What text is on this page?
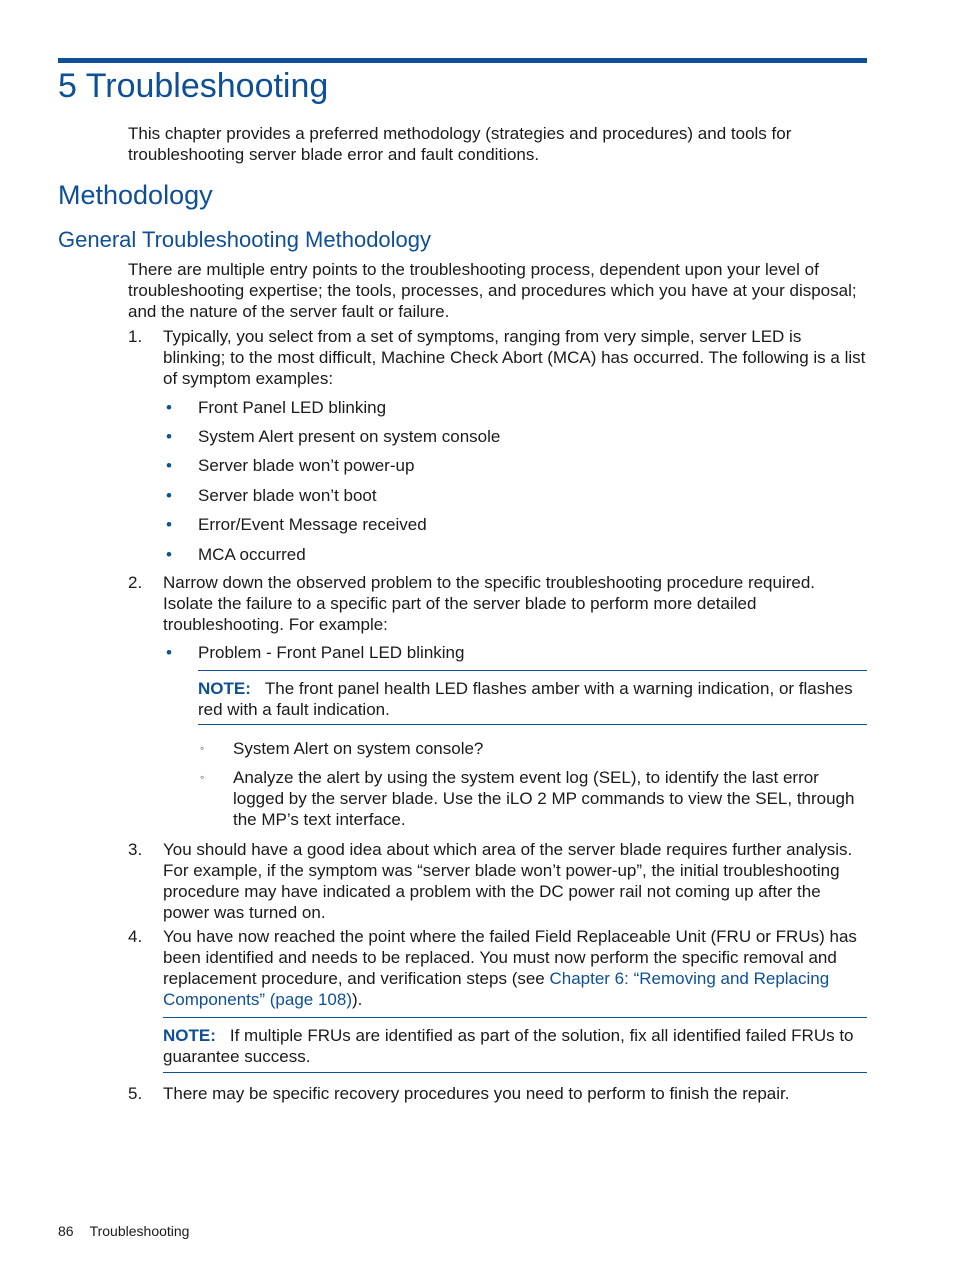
5 Troubleshooting

This chapter provides a preferred methodology (strategies and procedures) and tools for troubleshooting server blade error and fault conditions.

Methodology
General Troubleshooting Methodology

There are multiple entry points to the troubleshooting process, dependent upon your level of troubleshooting expertise; the tools, processes, and procedures which you have at your disposal; and the nature of the server fault or failure.

1. Typically, you select from a set of symptoms, ranging from very simple, server LED is blinking; to the most difficult, Machine Check Abort (MCA) has occurred. The following is a list of symptom examples:

• Front Panel LED blinking
• System Alert present on system console
• Server blade won’t power-up
• Server blade won’t boot
• Error/Event Message received
• MCA occurred
2. Narrow down the observed problem to the specific troubleshooting procedure required. Isolate the failure to a specific part of the server blade to perform more detailed troubleshooting. For example:

• Problem - Front Panel LED blinking
NOTE: The front panel health LED flashes amber with a warning indication, or flashes red with a fault indication.
◦ System Alert on system console?

◦ Analyze the alert by using the system event log (SEL), to identify the last error logged by the server blade. Use the iLO 2 MP commands to view the SEL, through the MP’s text interface.

3. You should have a good idea about which area of the server blade requires further analysis. For example, if the symptom was “server blade won’t power-up”, the initial troubleshooting procedure may have indicated a problem with the DC power rail not coming up after the power was turned on.

4. You have now reached the point where the failed Field Replaceable Unit (FRU or FRUs) has been identified and needs to be replaced. You must now perform the specific removal and replacement procedure, and verification steps (see Chapter 6: “Removing and Replacing Components” (page 108)).

NOTE: If multiple FRUs are identified as part of the solution, fix all identified failed FRUs to guarantee success.
5. There may be specific recovery procedures you need to perform to finish the repair.

86 Troubleshooting
